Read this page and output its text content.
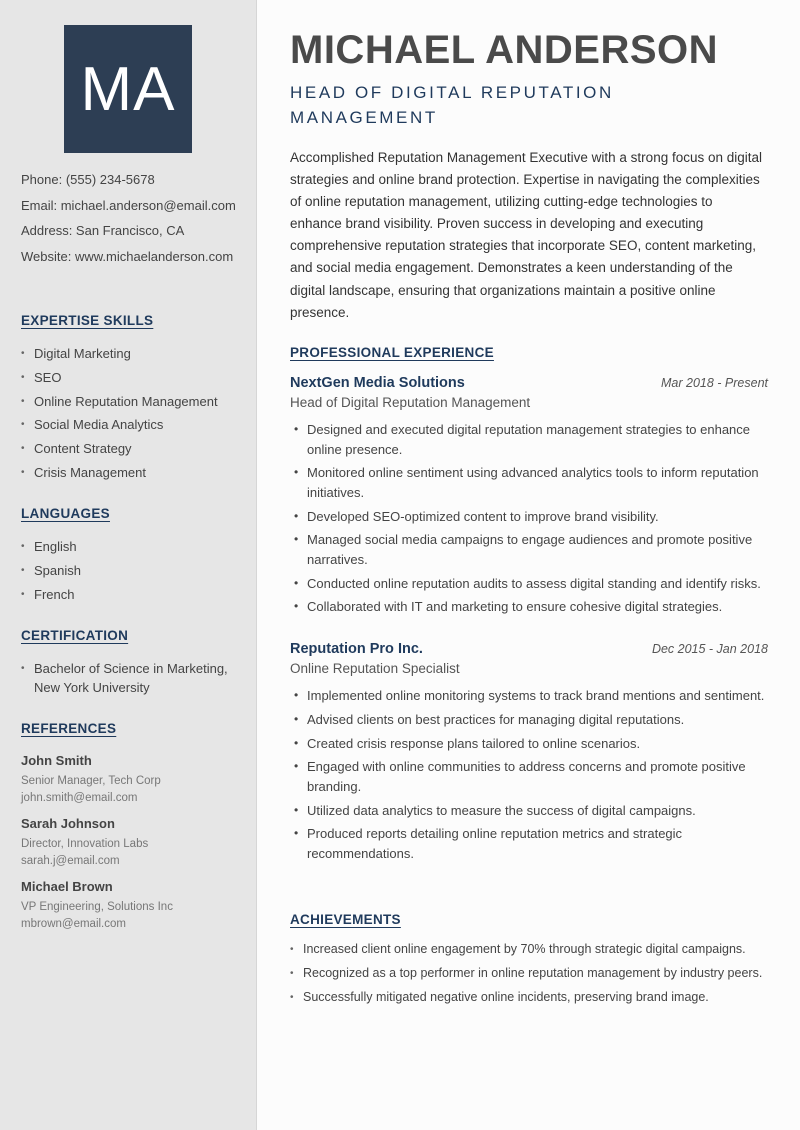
MA
Phone: (555) 234-5678
Email: michael.anderson@email.com
Address: San Francisco, CA
Website: www.michaelanderson.com
EXPERTISE SKILLS
• Digital Marketing
• SEO
• Online Reputation Management
• Social Media Analytics
• Content Strategy
• Crisis Management
LANGUAGES
• English
• Spanish
• French
CERTIFICATION
• Bachelor of Science in Marketing, New York University
REFERENCES
John Smith
Senior Manager, Tech Corp
john.smith@email.com
Sarah Johnson
Director, Innovation Labs
sarah.j@email.com
Michael Brown
VP Engineering, Solutions Inc
mbrown@email.com
MICHAEL ANDERSON
HEAD OF DIGITAL REPUTATION MANAGEMENT

Accomplished Reputation Management Executive with a strong focus on digital strategies and online brand protection. Expertise in navigating the complexities of online reputation management, utilizing cutting-edge technologies to enhance brand visibility. Proven success in developing and executing comprehensive reputation strategies that incorporate SEO, content marketing, and social media engagement. Demonstrates a keen understanding of the digital landscape, ensuring that organizations maintain a positive online presence.

PROFESSIONAL EXPERIENCE
NextGen Media Solutions	Mar 2018 - Present
Head of Digital Reputation Management
• Designed and executed digital reputation management strategies to enhance online presence.
• Monitored online sentiment using advanced analytics tools to inform reputation initiatives.
• Developed SEO-optimized content to improve brand visibility.
• Managed social media campaigns to engage audiences and promote positive narratives.
• Conducted online reputation audits to assess digital standing and identify risks.
• Collaborated with IT and marketing to ensure cohesive digital strategies.
Reputation Pro Inc.	Dec 2015 - Jan 2018
Online Reputation Specialist
• Implemented online monitoring systems to track brand mentions and sentiment.
• Advised clients on best practices for managing digital reputations.
• Created crisis response plans tailored to online scenarios.
• Engaged with online communities to address concerns and promote positive branding.
• Utilized data analytics to measure the success of digital campaigns.
• Produced reports detailing online reputation metrics and strategic recommendations.
ACHIEVEMENTS
• Increased client online engagement by 70% through strategic digital campaigns.
• Recognized as a top performer in online reputation management by industry peers.
• Successfully mitigated negative online incidents, preserving brand image.
